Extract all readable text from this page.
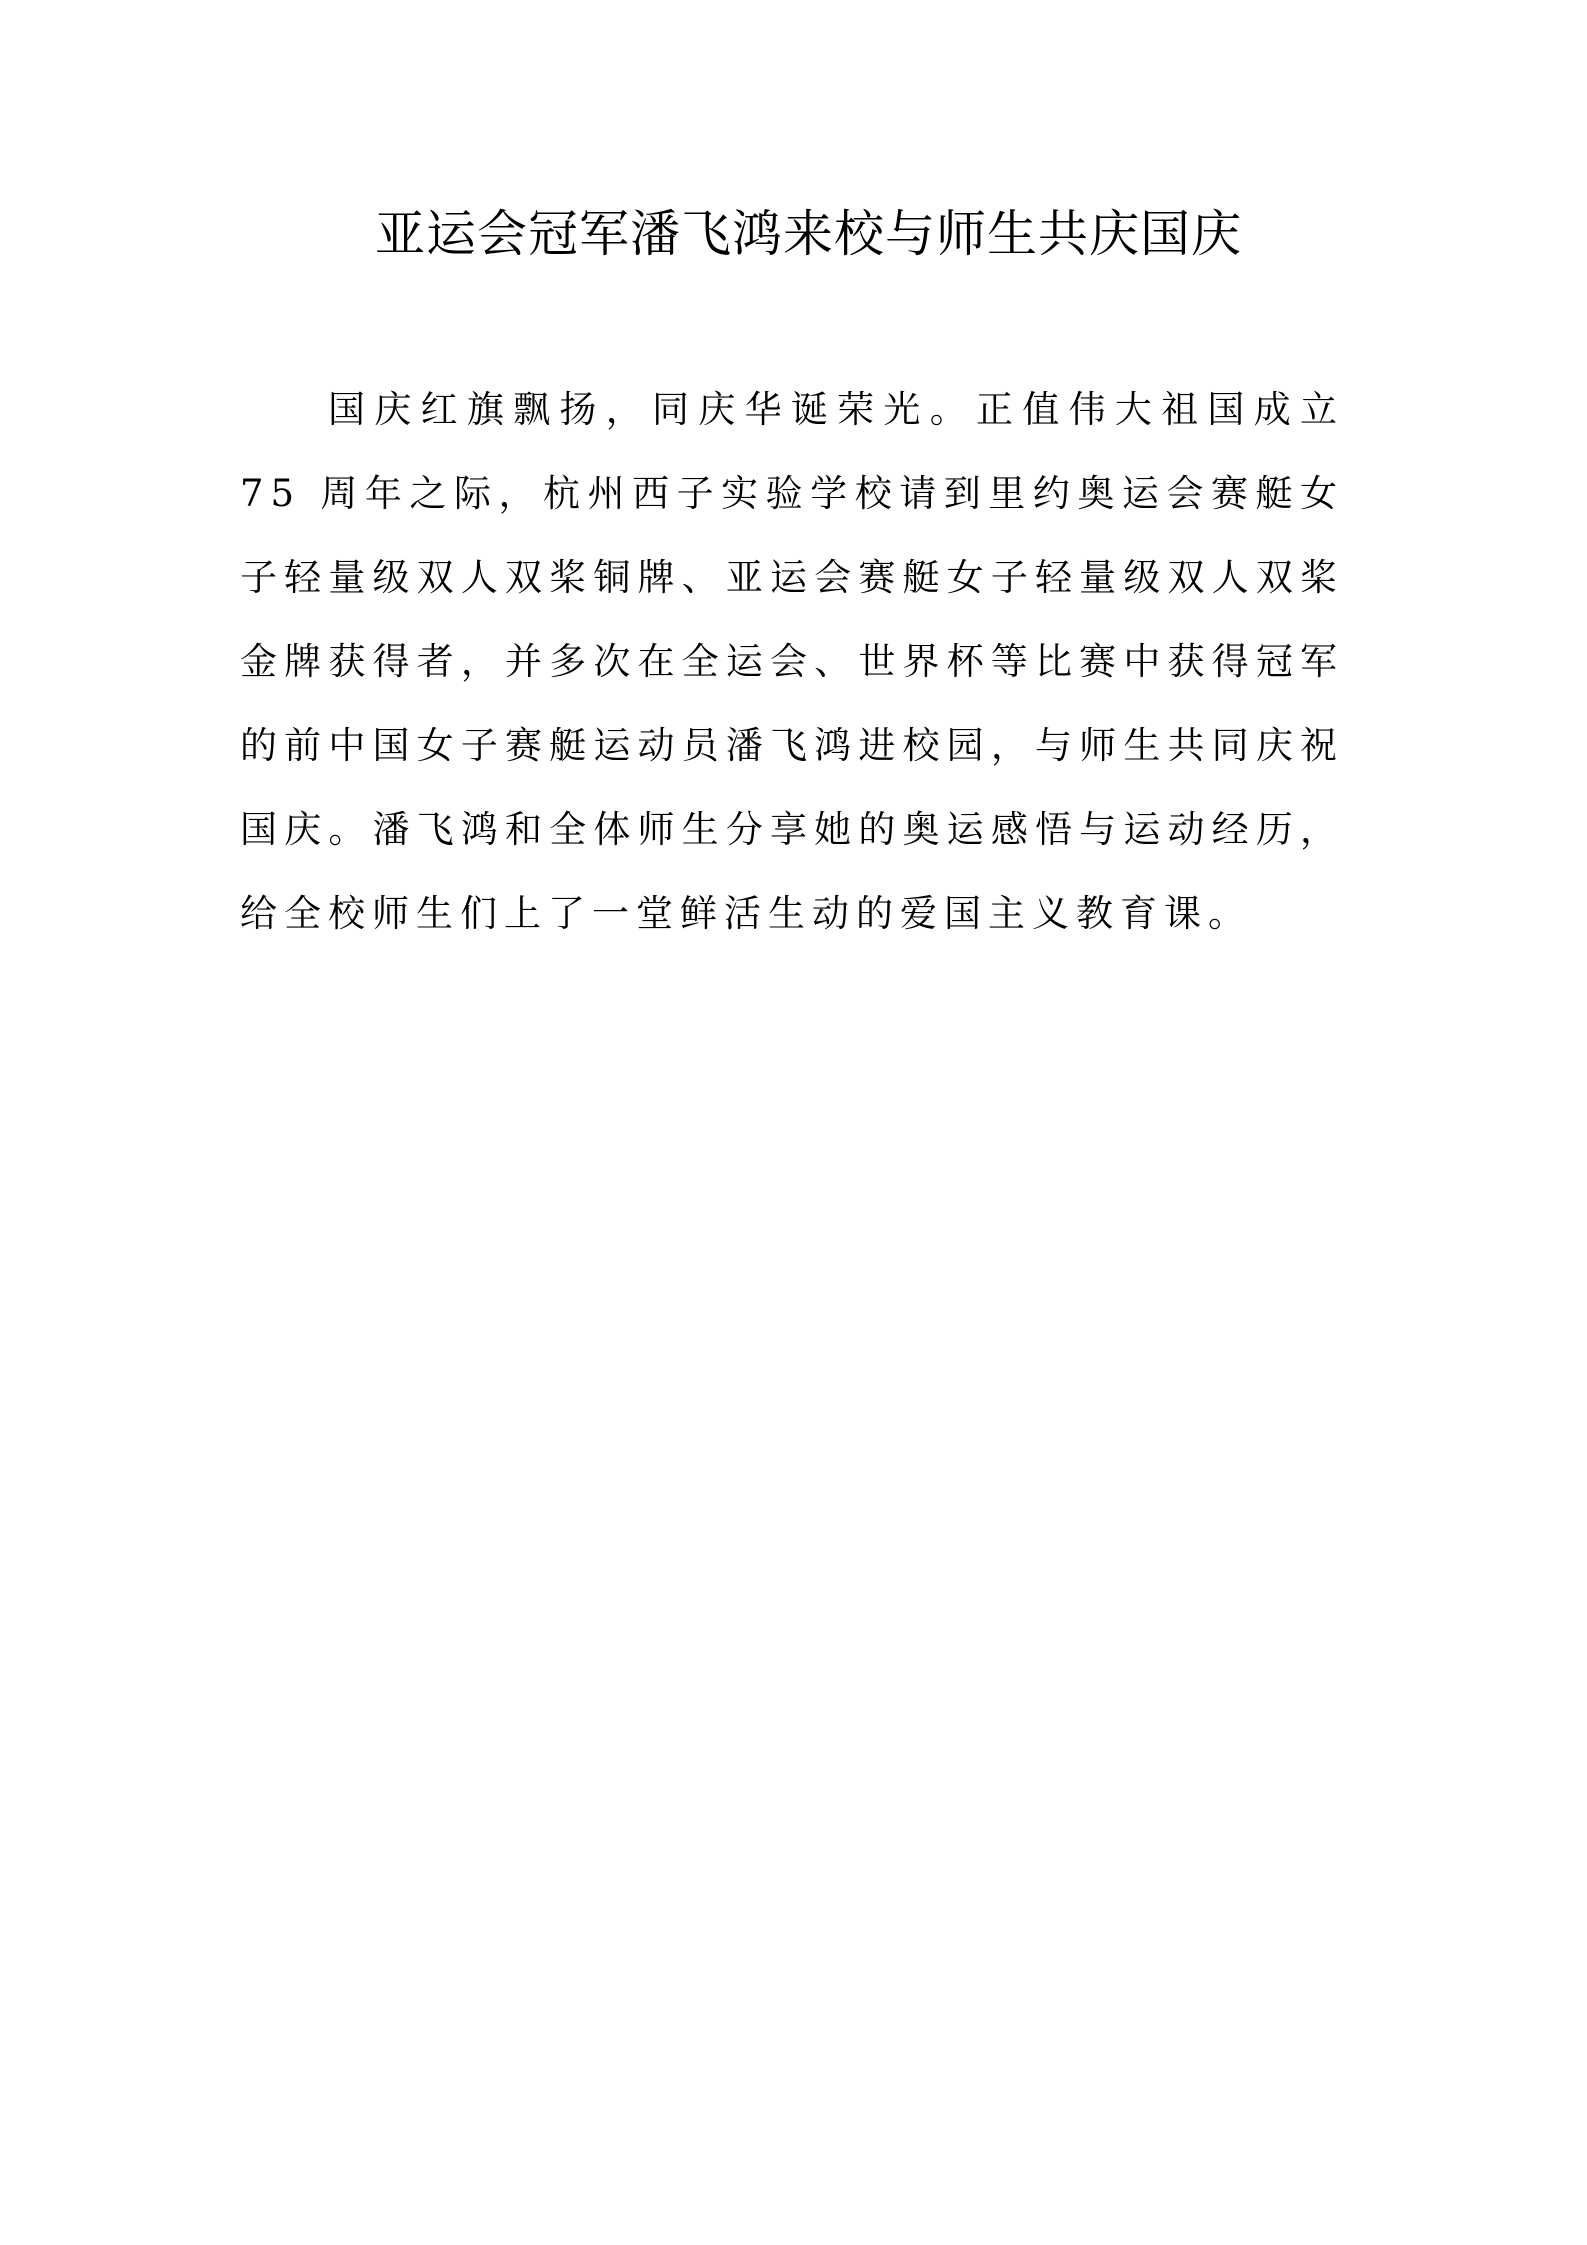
亚运会冠军潘飞鸿来校与师生共庆国庆

国庆红旗飘扬，同庆华诞荣光。正值伟大祖国成立 75 周年之际，杭州西子实验学校请到里约奥运会赛艇女子轻量级双人双桨铜牌、亚运会赛艇女子轻量级双人双桨金牌获得者，并多次在全运会、世界杯等比赛中获得冠军的前中国女子赛艇运动员潘飞鸿进校园，与师生共同庆祝国庆。潘飞鸿和全体师生分享她的奥运感悟与运动经历，给全校师生们上了一堂鲜活生动的爱国主义教育课。
